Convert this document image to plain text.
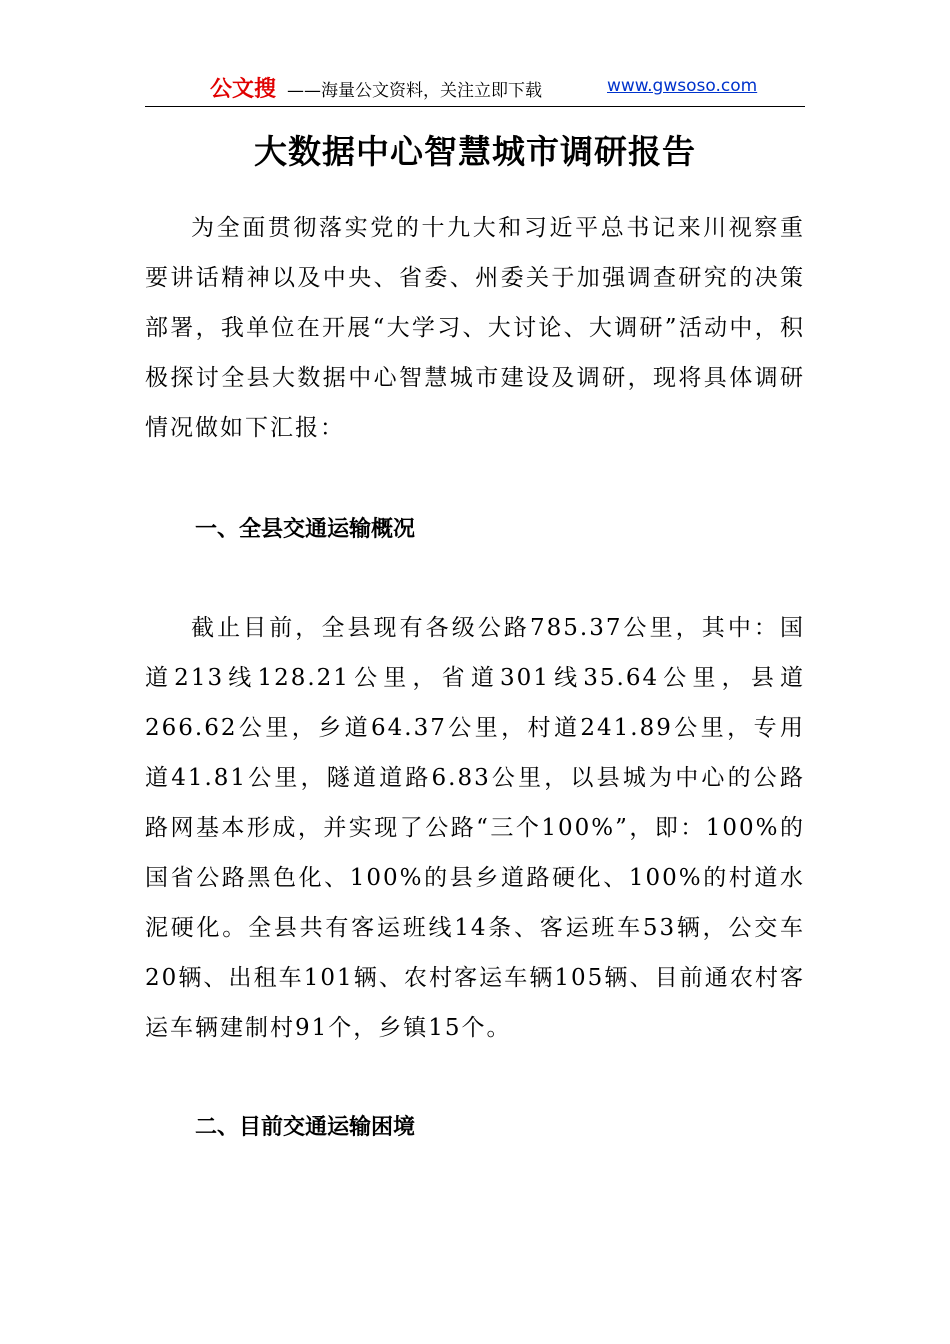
公文搜 ——海量公文资料，关注立即下载	www.gwsoso.com
大数据中心智慧城市调研报告

为全面贯彻落实党的十九大和习近平总书记来川视察重要讲话精神以及中央、省委、州委关于加强调查研究的决策部署，我单位在开展“大学习、大讨论、大调研”活动中，积极探讨全县大数据中心智慧城市建设及调研，现将具体调研情况做如下汇报：

一、全县交通运输概况

截止目前，全县现有各级公路785.37公里，其中：国道213线128.21公里，省道301线35.64公里，县道266.62公里，乡道64.37公里，村道241.89公里，专用道41.81公里，隧道道路6.83公里，以县城为中心的公路路网基本形成，并实现了公路“三个100%”，即：100%的国省公路黑色化、100%的县乡道路硬化、100%的村道水泥硬化。全县共有客运班线14条、客运班车53辆，公交车20辆、出租车101辆、农村客运车辆105辆、目前通农村客运车辆建制村91个，乡镇15个。

二、目前交通运输困境
